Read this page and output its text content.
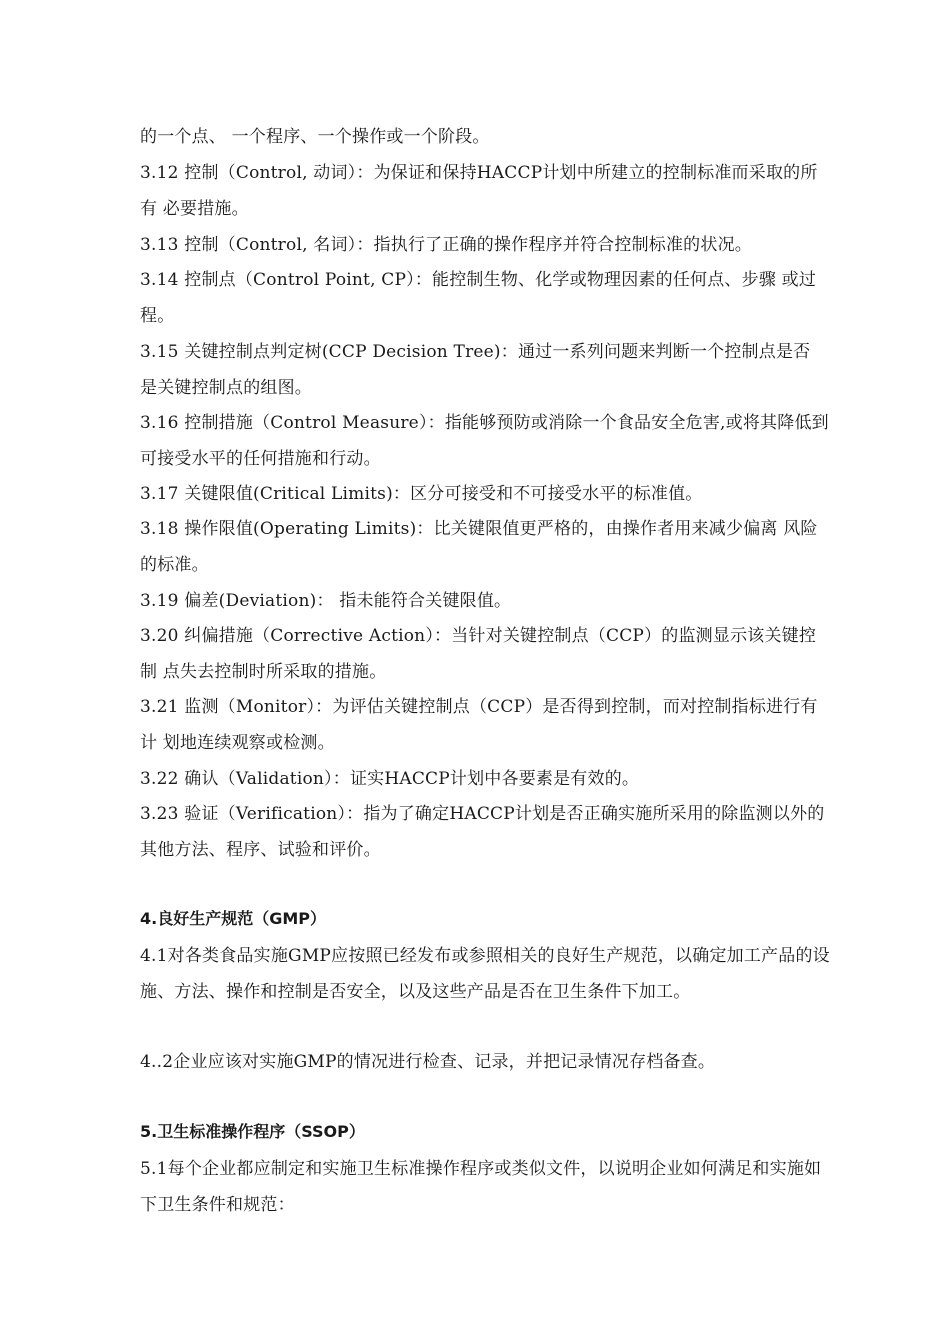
的一个点、 一个程序、一个操作或一个阶段。
3.12 控制（Control, 动词）：为保证和保持HACCP计划中所建立的控制标准而采取的所有 必要措施。
3.13 控制（Control, 名词）：指执行了正确的操作程序并符合控制标准的状况。
3.14 控制点（Control Point, CP）：能控制生物、化学或物理因素的任何点、步骤 或过程。
3.15 关键控制点判定树(CCP Decision Tree)：通过一系列问题来判断一个控制点是否 是关键控制点的组图。
3.16 控制措施（Control Measure）：指能够预防或消除一个食品安全危害,或将其降低到 可接受水平的任何措施和行动。
3.17 关键限值(Critical Limits)：区分可接受和不可接受水平的标准值。
3.18 操作限值(Operating Limits)：比关键限值更严格的，由操作者用来减少偏离 风险 的标准。
3.19 偏差(Deviation)： 指未能符合关键限值。
3.20 纠偏措施（Corrective Action）：当针对关键控制点（CCP）的监测显示该关键控制 点失去控制时所采取的措施。
3.21 监测（Monitor）：为评估关键控制点（CCP）是否得到控制，而对控制指标进行有计 划地连续观察或检测。
3.22 确认（Validation）：证实HACCP计划中各要素是有效的。
3.23 验证（Verification）：指为了确定HACCP计划是否正确实施所采用的除监测以外的 其他方法、程序、试验和评价。
4.良好生产规范（GMP）
4.1对各类食品实施GMP应按照已经发布或参照相关的良好生产规范，以确定加工产品的设施、方法、操作和控制是否安全，以及这些产品是否在卫生条件下加工。
4..2企业应该对实施GMP的情况进行检查、记录，并把记录情况存档备查。
5.卫生标准操作程序（SSOP）
5.1每个企业都应制定和实施卫生标准操作程序或类似文件，以说明企业如何满足和实施如下卫生条件和规范：
